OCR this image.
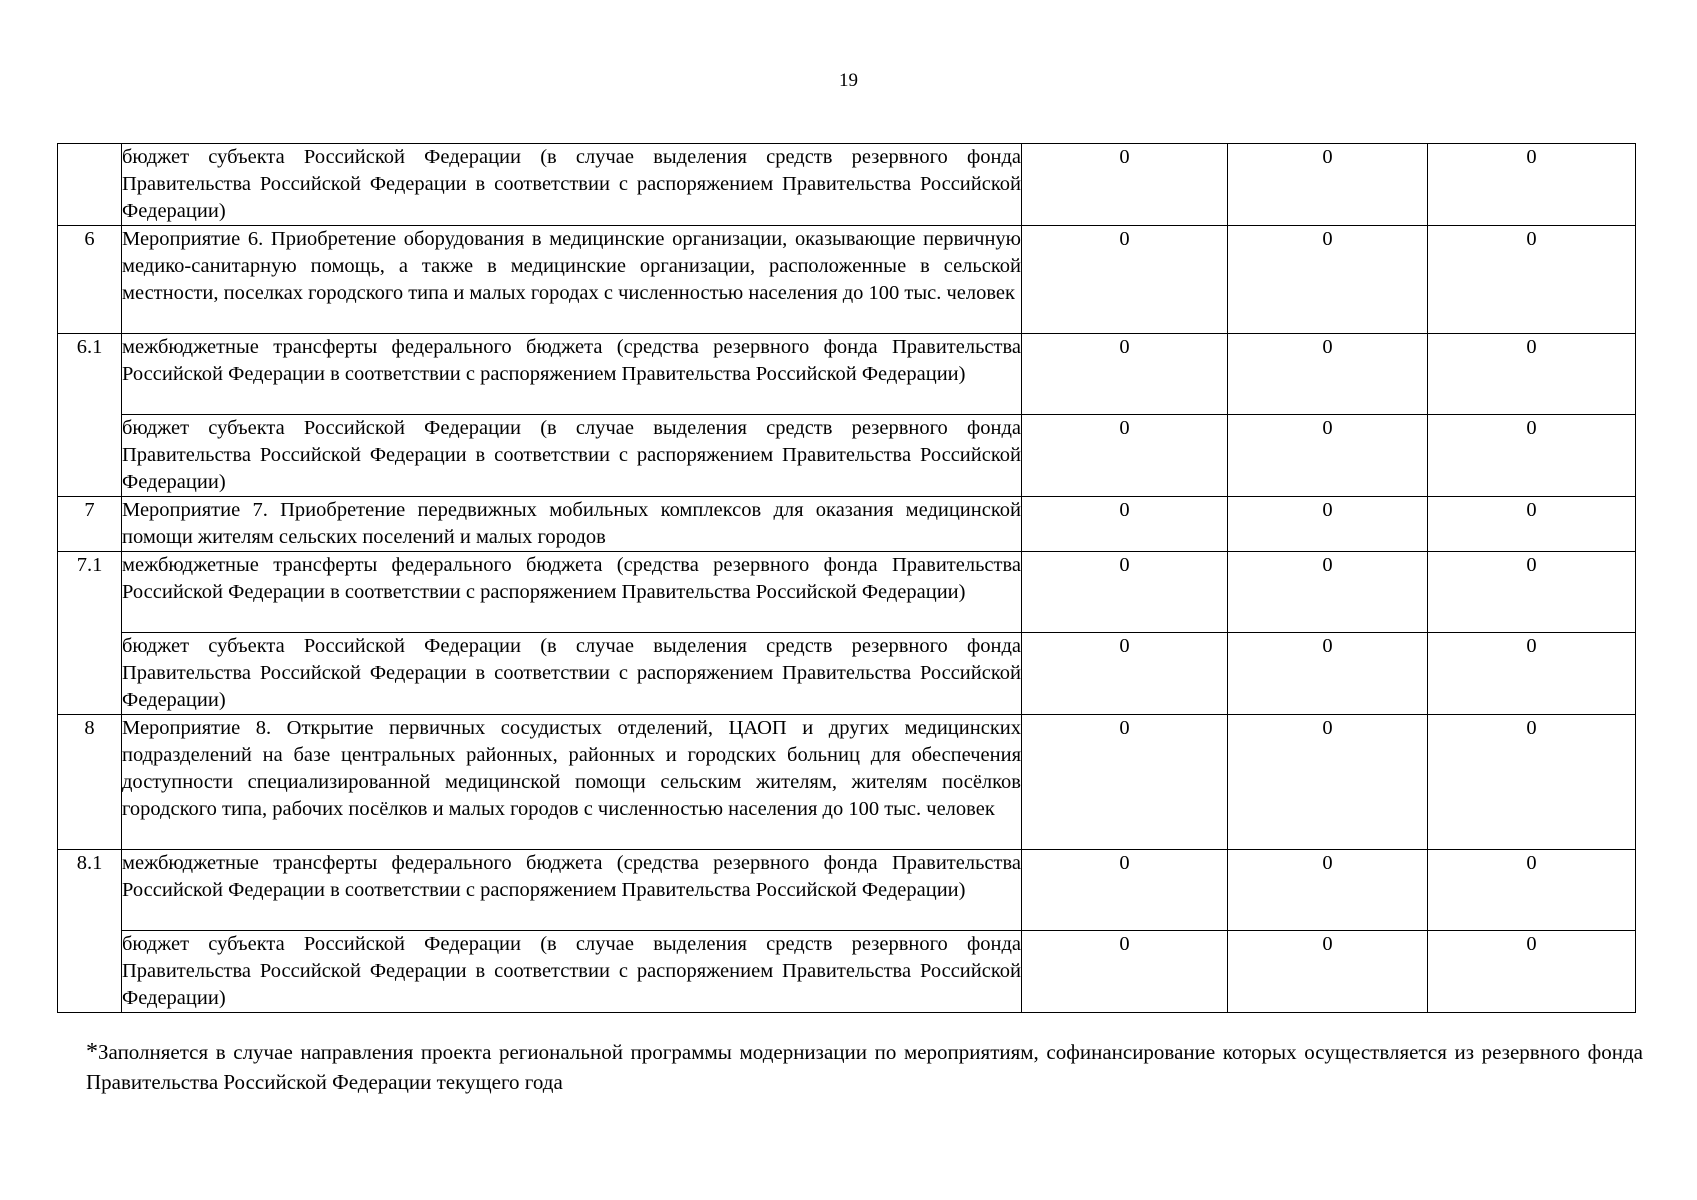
19

	бюджет субъекта Российской Федерации (в случае выделения средств резервного фонда Правительства Российской Федерации в соответствии с распоряжением Правительства Российской Федерации)	0	0	0
6	Мероприятие 6. Приобретение оборудования в медицинские организации, оказывающие первичную медико-санитарную помощь, а также в медицинские организации, расположенные в сельской местности, поселках городского типа и малых городах с численностью населения до 100 тыс. человек	0	0	0
6.1	межбюджетные трансферты федерального бюджета (средства резервного фонда Правительства Российской Федерации в соответствии с распоряжением Правительства Российской Федерации)	0	0	0

	бюджет субъекта Российской Федерации (в случае выделения средств резервного фонда Правительства Российской Федерации в соответствии с распоряжением Правительства Российской Федерации)	0	0	0
7	Мероприятие 7. Приобретение передвижных мобильных комплексов для оказания медицинской помощи жителям сельских поселений и малых городов	0	0	0
7.1	межбюджетные трансферты федерального бюджета (средства резервного фонда Правительства Российской Федерации в соответствии с распоряжением Правительства Российской Федерации)	0	0	0

	бюджет субъекта Российской Федерации (в случае выделения средств резервного фонда Правительства Российской Федерации в соответствии с распоряжением Правительства Российской Федерации)	0	0	0
8	Мероприятие 8. Открытие первичных сосудистых отделений, ЦАОП и других медицинских подразделений на базе центральных районных, районных и городских больниц для обеспечения доступности специализированной медицинской помощи сельским жителям, жителям посёлков городского типа, рабочих посёлков и малых городов с численностью населения до 100 тыс. человек	0	0	0
8.1	межбюджетные трансферты федерального бюджета (средства резервного фонда Правительства Российской Федерации в соответствии с распоряжением Правительства Российской Федерации)	0	0	0

	бюджет субъекта Российской Федерации (в случае выделения средств резервного фонда Правительства Российской Федерации в соответствии с распоряжением Правительства Российской Федерации)	0	0	0
*Заполняется в случае направления проекта региональной программы модернизации по мероприятиям, софинансирование которых осуществляется из резервного фонда Правительства Российской Федерации текущего года
